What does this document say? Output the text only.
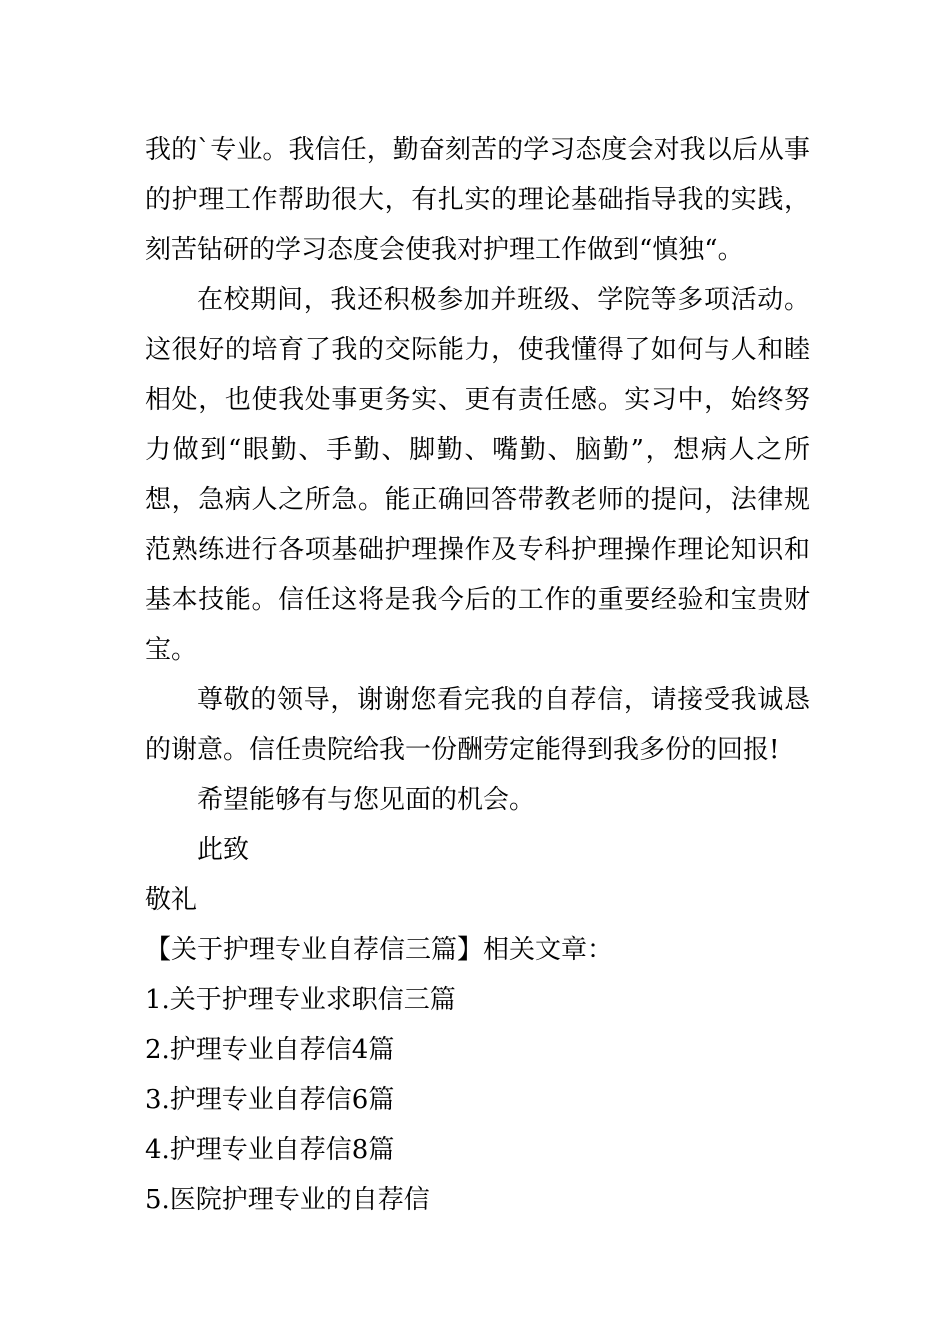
我的`专业。我信任，勤奋刻苦的学习态度会对我以后从事的护理工作帮助很大，有扎实的理论基础指导我的实践，刻苦钻研的学习态度会使我对护理工作做到“慎独“。

在校期间，我还积极参加并班级、学院等多项活动。这很好的培育了我的交际能力，使我懂得了如何与人和睦相处，也使我处事更务实、更有责任感。实习中，始终努力做到“眼勤、手勤、脚勤、嘴勤、脑勤”，想病人之所想，急病人之所急。能正确回答带教老师的提问，法律规范熟练进行各项基础护理操作及专科护理操作理论知识和基本技能。信任这将是我今后的工作的重要经验和宝贵财宝。

尊敬的领导，谢谢您看完我的自荐信，请接受我诚恳的谢意。信任贵院给我一份酬劳定能得到我多份的回报!

希望能够有与您见面的机会。

此致

敬礼

【关于护理专业自荐信三篇】相关文章：

1.关于护理专业求职信三篇
2.护理专业自荐信4篇
3.护理专业自荐信6篇
4.护理专业自荐信8篇
5.医院护理专业的自荐信
